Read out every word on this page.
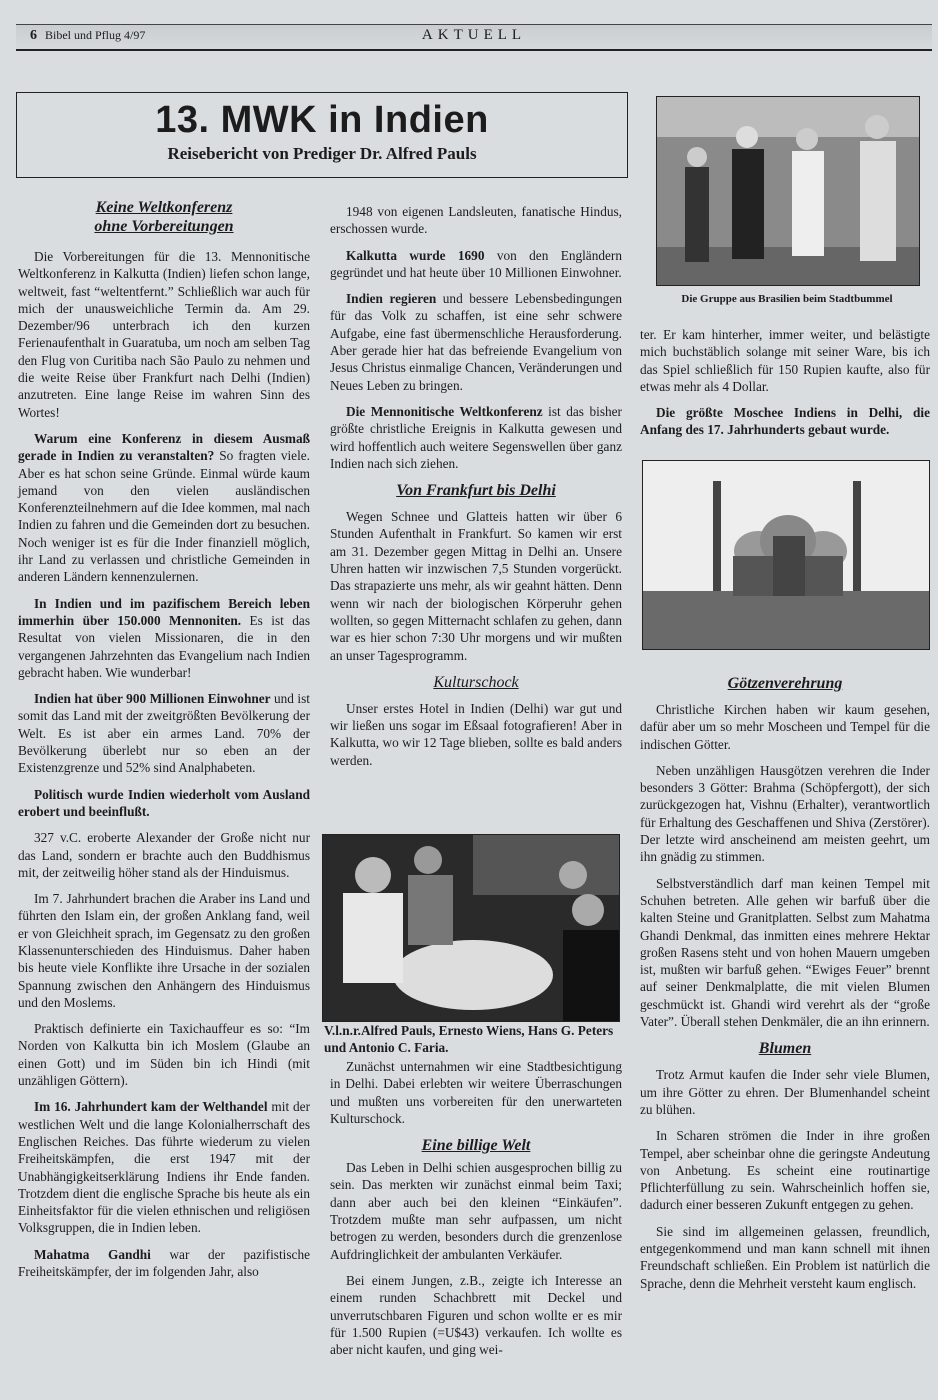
6 Bibel und Pflug 4/97	AKTUELL
13. MWK in Indien
Reisebericht von Prediger Dr. Alfred Pauls
Keine Weltkonferenz
ohne Vorbereitungen

Die Vorbereitungen für die 13. Mennonitische Weltkonferenz in Kalkutta (Indien) liefen schon lange, weltweit, fast “weltentfernt.” Schließlich war auch für mich der unausweichliche Termin da. Am 29. Dezember/96 unterbrach ich den kurzen Ferienaufenthalt in Guaratuba, um noch am selben Tag den Flug von Curitiba nach São Paulo zu nehmen und die weite Reise über Frankfurt nach Delhi (Indien) anzutreten. Eine lange Reise im wahren Sinn des Wortes!

Warum eine Konferenz in diesem Ausmaß gerade in Indien zu veranstalten? So fragten viele. Aber es hat schon seine Gründe. Einmal würde kaum jemand von den vielen ausländischen Konferenzteilnehmern auf die Idee kommen, mal nach Indien zu fahren und die Gemeinden dort zu besuchen. Noch weniger ist es für die Inder finanziell möglich, ihr Land zu verlassen und christliche Gemeinden in anderen Ländern kennenzulernen.

In Indien und im pazifischem Bereich leben immerhin über 150.000 Mennoniten. Es ist das Resultat von vielen Missionaren, die in den vergangenen Jahrzehnten das Evangelium nach Indien gebracht haben. Wie wunderbar!

Indien hat über 900 Millionen Einwohner und ist somit das Land mit der zweitgrößten Bevölkerung der Welt. Es ist aber ein armes Land. 70% der Bevölkerung überlebt nur so eben an der Existenzgrenze und 52% sind Analphabeten.

Politisch wurde Indien wiederholt vom Ausland erobert und beeinflußt.

327 v.C. eroberte Alexander der Große nicht nur das Land, sondern er brachte auch den Buddhismus mit, der zeitweilig höher stand als der Hinduismus.

Im 7. Jahrhundert brachen die Araber ins Land und führten den Islam ein, der großen Anklang fand, weil er von Gleichheit sprach, im Gegensatz zu den großen Klassenunterschieden des Hinduismus. Daher haben bis heute viele Konflikte ihre Ursache in der sozialen Spannung zwischen den Anhängern des Hinduismus und den Moslems.

Praktisch definierte ein Taxichauffeur es so: “Im Norden von Kalkutta bin ich Moslem (Glaube an einen Gott) und im Süden bin ich Hindi (mit unzähligen Göttern).

Im 16. Jahrhundert kam der Welthandel mit der westlichen Welt und die lange Kolonialherrschaft des Englischen Reiches. Das führte wiederum zu vielen Freiheitskämpfen, die erst 1947 mit der Unabhängigkeitserklärung Indiens ihr Ende fanden. Trotzdem dient die englische Sprache bis heute als ein Einheitsfaktor für die vielen ethnischen und religiösen Volksgruppen, die in Indien leben.

Mahatma Gandhi war der pazifistische Freiheitskämpfer, der im folgenden Jahr, also

1948 von eigenen Landsleuten, fanatische Hindus, erschossen wurde.

Kalkutta wurde 1690 von den Engländern gegründet und hat heute über 10 Millionen Einwohner.

Indien regieren und bessere Lebensbedingungen für das Volk zu schaffen, ist eine sehr schwere Aufgabe, eine fast übermenschliche Herausforderung. Aber gerade hier hat das befreiende Evangelium von Jesus Christus einmalige Chancen, Veränderungen und Neues Leben zu bringen.

Die Mennonitische Weltkonferenz ist das bisher größte christliche Ereignis in Kalkutta gewesen und wird hoffentlich auch weitere Segenswellen über ganz Indien nach sich ziehen.

Von Frankfurt bis Delhi

Wegen Schnee und Glatteis hatten wir über 6 Stunden Aufenthalt in Frankfurt. So kamen wir erst am 31. Dezember gegen Mittag in Delhi an. Unsere Uhren hatten wir inzwischen 7,5 Stunden vorgerückt. Das strapazierte uns mehr, als wir geahnt hätten. Denn wenn wir nach der biologischen Körperuhr gehen wollten, so gegen Mitternacht schlafen zu gehen, dann war es hier schon 7:30 Uhr morgens und wir mußten an unser Tagesprogramm.

Kulturschock

Unser erstes Hotel in Indien (Delhi) war gut und wir ließen uns sogar im Eßsaal fotografieren! Aber in Kalkutta, wo wir 12 Tage blieben, sollte es bald anders werden.

V.l.n.r.Alfred Pauls, Ernesto Wiens, Hans G. Peters und Antonio C. Faria.

Zunächst unternahmen wir eine Stadtbesichtigung in Delhi. Dabei erlebten wir weitere Überraschungen und mußten uns vorbereiten für den unerwarteten Kulturschock.

Eine billige Welt

Das Leben in Delhi schien ausgesprochen billig zu sein. Das merkten wir zunächst einmal beim Taxi; dann aber auch bei den kleinen “Einkäufen”. Trotzdem mußte man sehr aufpassen, um nicht betrogen zu werden, besonders durch die grenzenlose Aufdringlichkeit der ambulanten Verkäufer.

Bei einem Jungen, z.B., zeigte ich Interesse an einem runden Schachbrett mit Deckel und unverrutschbaren Figuren und schon wollte er es mir für 1.500 Rupien (=U$43) verkaufen. Ich wollte es aber nicht kaufen, und ging wei-

Die Gruppe aus Brasilien beim Stadtbummel

ter. Er kam hinterher, immer weiter, und belästigte mich buchstäblich solange mit seiner Ware, bis ich das Spiel schließlich für 150 Rupien kaufte, also für etwas mehr als 4 Dollar.

Die größte Moschee Indiens in Delhi, die Anfang des 17. Jahrhunderts gebaut wurde.

Götzenverehrung

Christliche Kirchen haben wir kaum gesehen, dafür aber um so mehr Moscheen und Tempel für die indischen Götter.

Neben unzähligen Hausgötzen verehren die Inder besonders 3 Götter: Brahma (Schöpfergott), der sich zurückgezogen hat, Vishnu (Erhalter), verantwortlich für Erhaltung des Geschaffenen und Shiva (Zerstörer). Der letzte wird anscheinend am meisten geehrt, um ihn gnädig zu stimmen.

Selbstverständlich darf man keinen Tempel mit Schuhen betreten. Alle gehen wir barfuß über die kalten Steine und Granitplatten. Selbst zum Mahatma Ghandi Denkmal, das inmitten eines mehrere Hektar großen Rasens steht und von hohen Mauern umgeben ist, mußten wir barfuß gehen. “Ewiges Feuer” brennt auf seiner Denkmalplatte, die mit vielen Blumen geschmückt ist. Ghandi wird verehrt als der “große Vater”. Überall stehen Denkmäler, die an ihn erinnern.

Blumen

Trotz Armut kaufen die Inder sehr viele Blumen, um ihre Götter zu ehren. Der Blumenhandel scheint zu blühen.

In Scharen strömen die Inder in ihre großen Tempel, aber scheinbar ohne die geringste Andeutung von Anbetung. Es scheint eine routinartige Pflichterfüllung zu sein. Wahrscheinlich hoffen sie, dadurch einer besseren Zukunft entgegen zu gehen.

Sie sind im allgemeinen gelassen, freundlich, entgegenkommend und man kann schnell mit ihnen Freundschaft schließen. Ein Problem ist natürlich die Sprache, denn die Mehrheit versteht kaum englisch.
